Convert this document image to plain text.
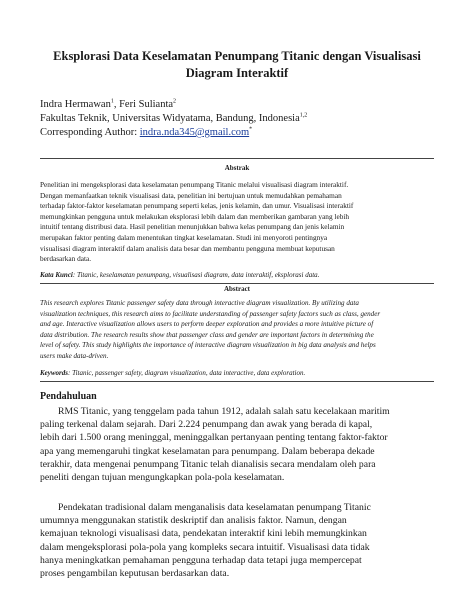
Eksplorasi Data Keselamatan Penumpang Titanic dengan Visualisasi
Diagram Interaktif
Indra Hermawan$^1$, Feri Sulianta$^2$
Fakultas Teknik, Universitas Widyatama, Bandung, Indonesia$^{1,2}$
Corresponding Author: indra.nda345@gmail.com*
Abstrak
Penelitian ini mengeksplorasi data keselamatan penumpang Titanic melalui visualisasi diagram interaktif.
Dengan memanfaatkan teknik visualisasi data, penelitian ini bertujuan untuk memudahkan pemahaman
terhadap faktor-faktor keselamatan penumpang seperti kelas, jenis kelamin, dan umur. Visualisasi interaktif
memungkinkan pengguna untuk melakukan eksplorasi lebih dalam dan memberikan gambaran yang lebih
intuitif tentang distribusi data. Hasil penelitian menunjukkan bahwa kelas penumpang dan jenis kelamin
merupakan faktor penting dalam menentukan tingkat keselamatan. Studi ini menyoroti pentingnya
visualisasi diagram interaktif dalam analisis data besar dan membantu pengguna membuat keputusan
berdasarkan data.
Kata Kunci: Titanic, keselamatan penumpang, visualisasi diagram, data interaktif, eksplorasi data.
Abstract
This research explores Titanic passenger safety data through interactive diagram visualization. By utilizing data
visualization techniques, this research aims to facilitate understanding of passenger safety factors such as class, gender
and age. Interactive visualization allows users to perform deeper exploration and provides a more intuitive picture of
data distribution. The research results show that passenger class and gender are important factors in determining the
level of safety. This study highlights the importance of interactive diagram visualization in big data analysis and helps
users make data-driven.
Keywords: Titanic, passenger safety, diagram visualization, data interactive, data exploration.
Pendahuluan
RMS Titanic, yang tenggelam pada tahun 1912, adalah salah satu kecelakaan maritim
paling terkenal dalam sejarah. Dari 2.224 penumpang dan awak yang berada di kapal,
lebih dari 1.500 orang meninggal, meninggalkan pertanyaan penting tentang faktor-faktor
apa yang memengaruhi tingkat keselamatan para penumpang. Dalam beberapa dekade
terakhir, data mengenai penumpang Titanic telah dianalisis secara mendalam oleh para
peneliti dengan tujuan mengungkapkan pola-pola keselamatan.
Pendekatan tradisional dalam menganalisis data keselamatan penumpang Titanic
umumnya menggunakan statistik deskriptif dan analisis faktor. Namun, dengan
kemajuan teknologi visualisasi data, pendekatan interaktif kini lebih memungkinkan
dalam mengeksplorasi pola-pola yang kompleks secara intuitif. Visualisasi data tidak
hanya meningkatkan pemahaman pengguna terhadap data tetapi juga mempercepat
proses pengambilan keputusan berdasarkan data.
